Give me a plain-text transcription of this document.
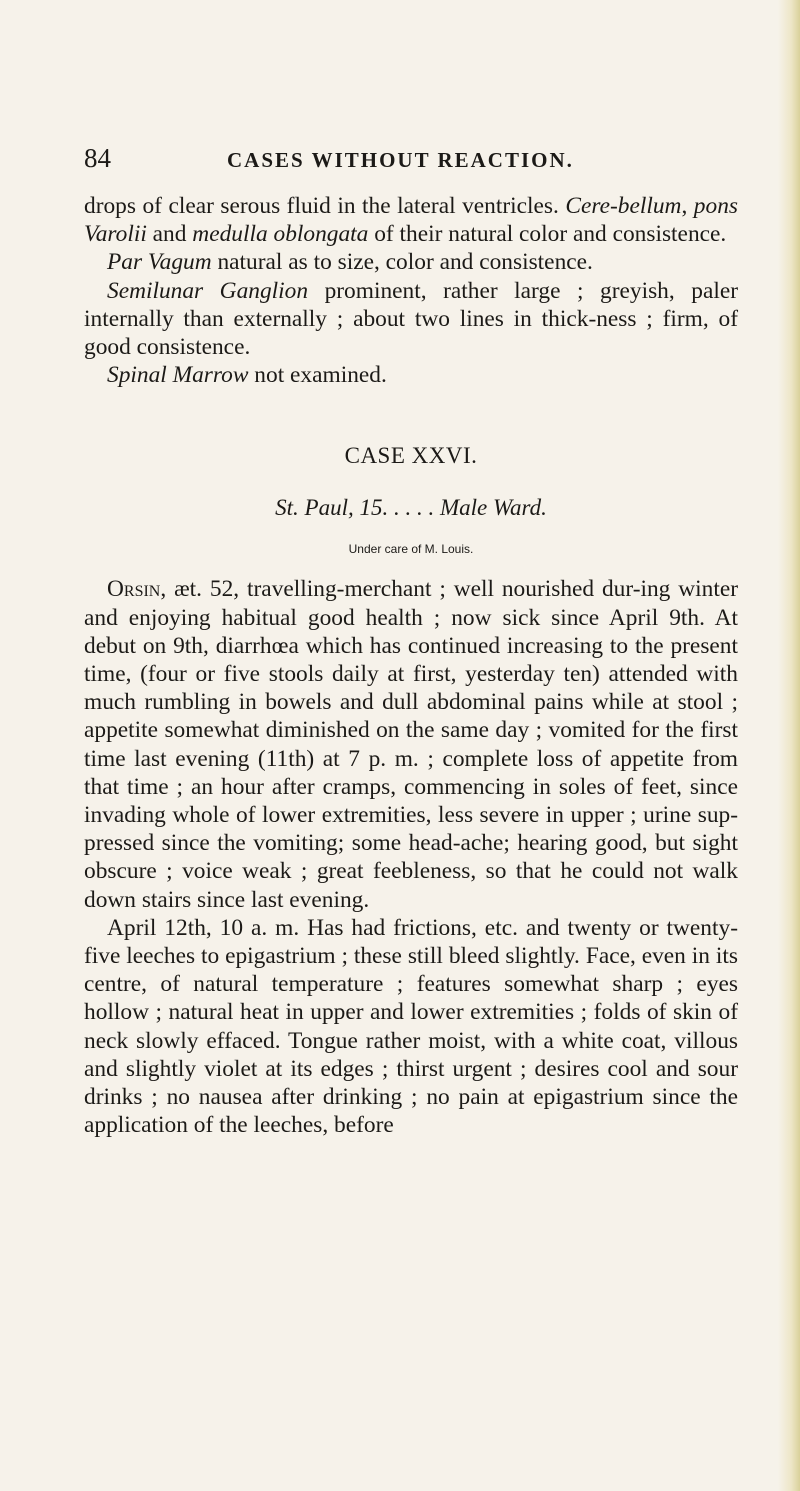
84	CASES WITHOUT REACTION.

drops of clear serous fluid in the lateral ventricles. Cere-bellum, pons Varolii and medulla oblongata of their natural color and consistence.

Par Vagum natural as to size, color and consistence.

Semilunar Ganglion prominent, rather large ; greyish, paler internally than externally ; about two lines in thick-ness ; firm, of good consistence.

Spinal Marrow not examined.

CASE XXVI.

St. Paul, 15. . . . . Male Ward.

Under care of M. Louis.

Orsin, æt. 52, travelling-merchant ; well nourished dur-ing winter and enjoying habitual good health ; now sick since April 9th. At debut on 9th, diarrhœa which has continued increasing to the present time, (four or five stools daily at first, yesterday ten) attended with much rumbling in bowels and dull abdominal pains while at stool ; appetite somewhat diminished on the same day ; vomited for the first time last evening (11th) at 7 p. m. ; complete loss of appetite from that time ; an hour after cramps, commencing in soles of feet, since invading whole of lower extremities, less severe in upper ; urine sup-pressed since the vomiting; some head-ache; hearing good, but sight obscure ; voice weak ; great feebleness, so that he could not walk down stairs since last evening.

April 12th, 10 a. m. Has had frictions, etc. and twenty or twenty-five leeches to epigastrium ; these still bleed slightly. Face, even in its centre, of natural temperature ; features somewhat sharp ; eyes hollow ; natural heat in upper and lower extremities ; folds of skin of neck slowly effaced. Tongue rather moist, with a white coat, villous and slightly violet at its edges ; thirst urgent ; desires cool and sour drinks ; no nausea after drinking ; no pain at epigastrium since the application of the leeches, before
